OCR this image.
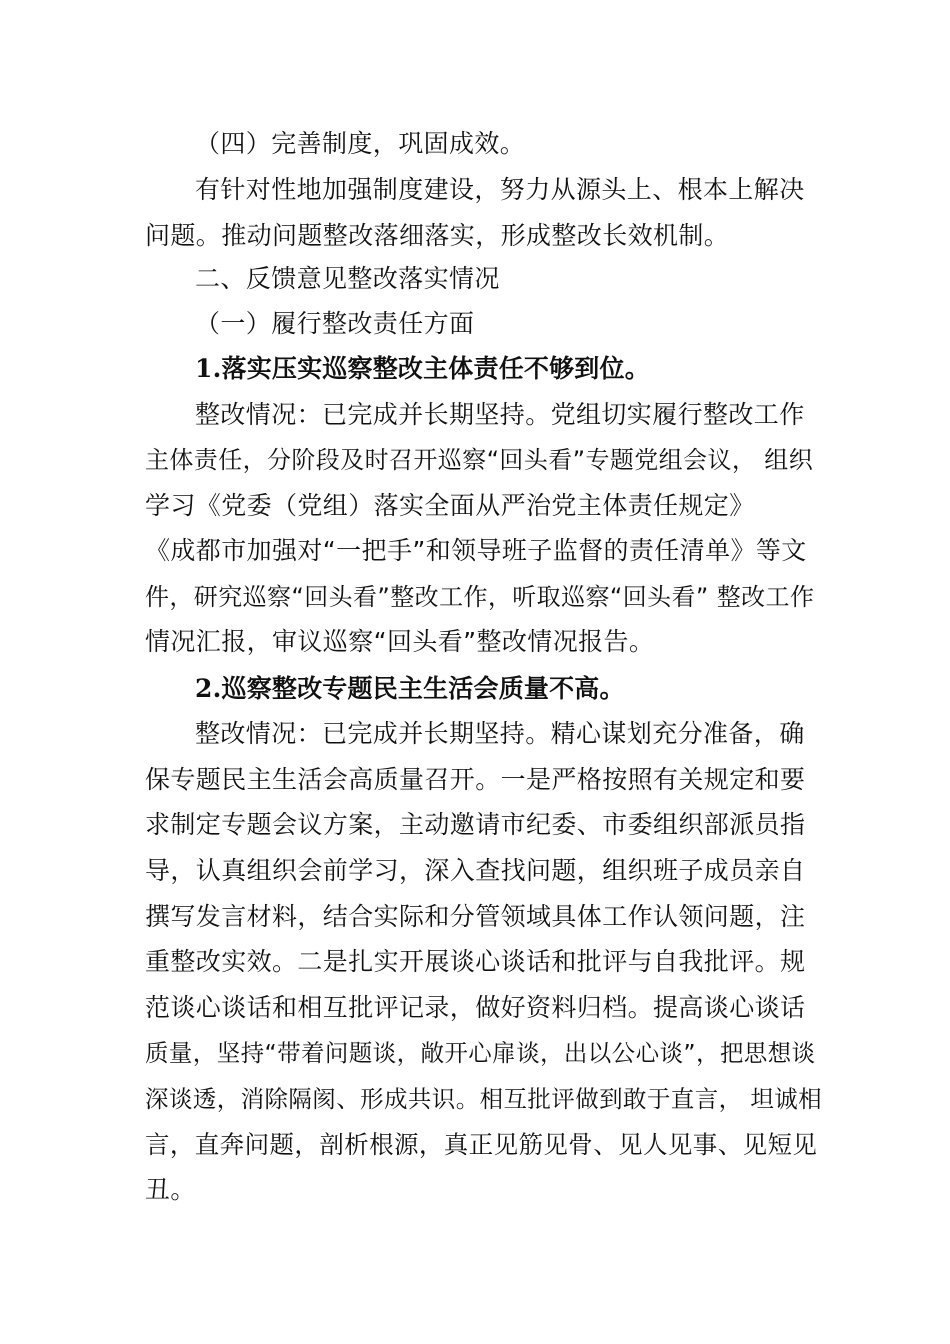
（四）完善制度，巩固成效。
有针对性地加强制度建设，努力从源头上、根本上解决
问题。推动问题整改落细落实，形成整改长效机制。
二、反馈意见整改落实情况
（一）履行整改责任方面
1.落实压实巡察整改主体责任不够到位。
整改情况：已完成并长期坚持。党组切实履行整改工作
主体责任，分阶段及时召开巡察“回头看”专题党组会议， 组织
学习《党委（党组）落实全面从严治党主体责任规定》
《成都市加强对“一把手”和领导班子监督的责任清单》等文
件，研究巡察“回头看”整改工作，听取巡察“回头看” 整改工作
情况汇报，审议巡察“回头看”整改情况报告。
2.巡察整改专题民主生活会质量不高。
整改情况：已完成并长期坚持。精心谋划充分准备，确
保专题民主生活会高质量召开。一是严格按照有关规定和要
求制定专题会议方案，主动邀请市纪委、市委组织部派员指
导，认真组织会前学习，深入查找问题，组织班子成员亲自
撰写发言材料，结合实际和分管领域具体工作认领问题，注
重整改实效。二是扎实开展谈心谈话和批评与自我批评。规
范谈心谈话和相互批评记录，做好资料归档。提高谈心谈话
质量，坚持“带着问题谈，敞开心扉谈，出以公心谈”，把思想谈
深谈透，消除隔阂、形成共识。相互批评做到敢于直言， 坦诚相
言，直奔问题，剖析根源，真正见筋见骨、见人见事、见短见
丑。
